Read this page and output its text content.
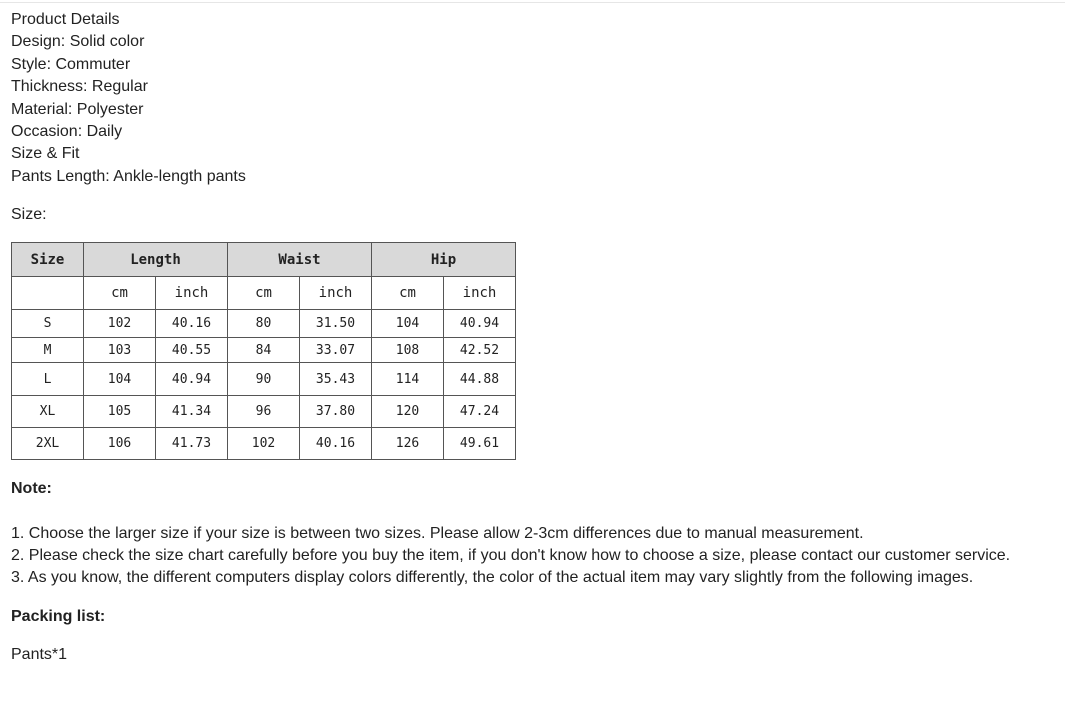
Product Details
Design: Solid color
Style: Commuter
Thickness: Regular
Material: Polyester
Occasion: Daily
Size & Fit
Pants Length: Ankle-length pants
Size:
Size	Length		Waist		Hip	
	cm	inch	cm	inch	cm	inch
S	102	40.16	80	31.50	104	40.94
M	103	40.55	84	33.07	108	42.52
L	104	40.94	90	35.43	114	44.88
XL	105	41.34	96	37.80	120	47.24
2XL	106	41.73	102	40.16	126	49.61
Note:
1. Choose the larger size if your size is between two sizes. Please allow 2-3cm differences due to manual measurement.
2. Please check the size chart carefully before you buy the item, if you don't know how to choose a size, please contact our customer service.
3. As you know, the different computers display colors differently, the color of the actual item may vary slightly from the following images.
Packing list:
Pants*1
